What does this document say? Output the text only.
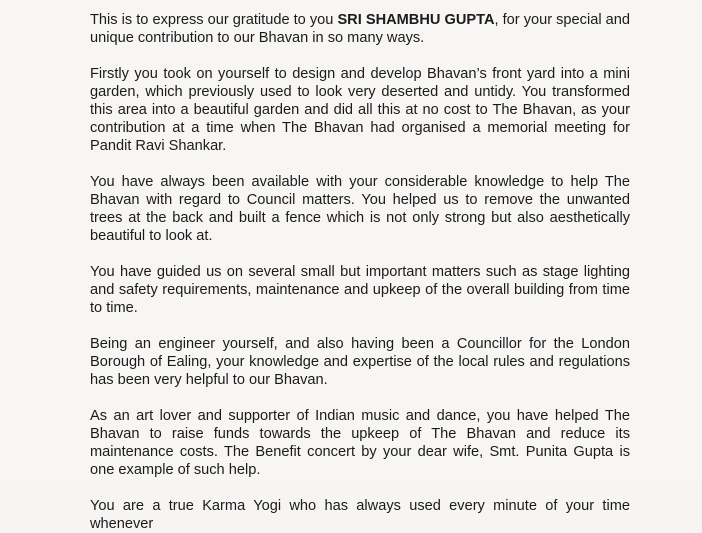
This is to express our gratitude to you SRI SHAMBHU GUPTA, for your special and unique contribution to our Bhavan in so many ways.

Firstly you took on yourself to design and develop Bhavan’s front yard into a mini garden, which previously used to look very deserted and untidy. You transformed this area into a beautiful garden and did all this at no cost to The Bhavan, as your contribution at a time when The Bhavan had organised a memorial meeting for Pandit Ravi Shankar.

You have always been available with your considerable knowledge to help The Bhavan with regard to Council matters. You helped us to remove the unwanted trees at the back and built a fence which is not only strong but also aesthetically beautiful to look at.

You have guided us on several small but important matters such as stage lighting and safety requirements, maintenance and upkeep of the overall building from time to time.

Being an engineer yourself, and also having been a Councillor for the London Borough of Ealing, your knowledge and expertise of the local rules and regulations has been very helpful to our Bhavan.

As an art lover and supporter of Indian music and dance, you have helped The Bhavan to raise funds towards the upkeep of The Bhavan and reduce its maintenance costs. The Benefit concert by your dear wife, Smt. Punita Gupta is one example of such help.

You are a true Karma Yogi who has always used every minute of your time whenever
